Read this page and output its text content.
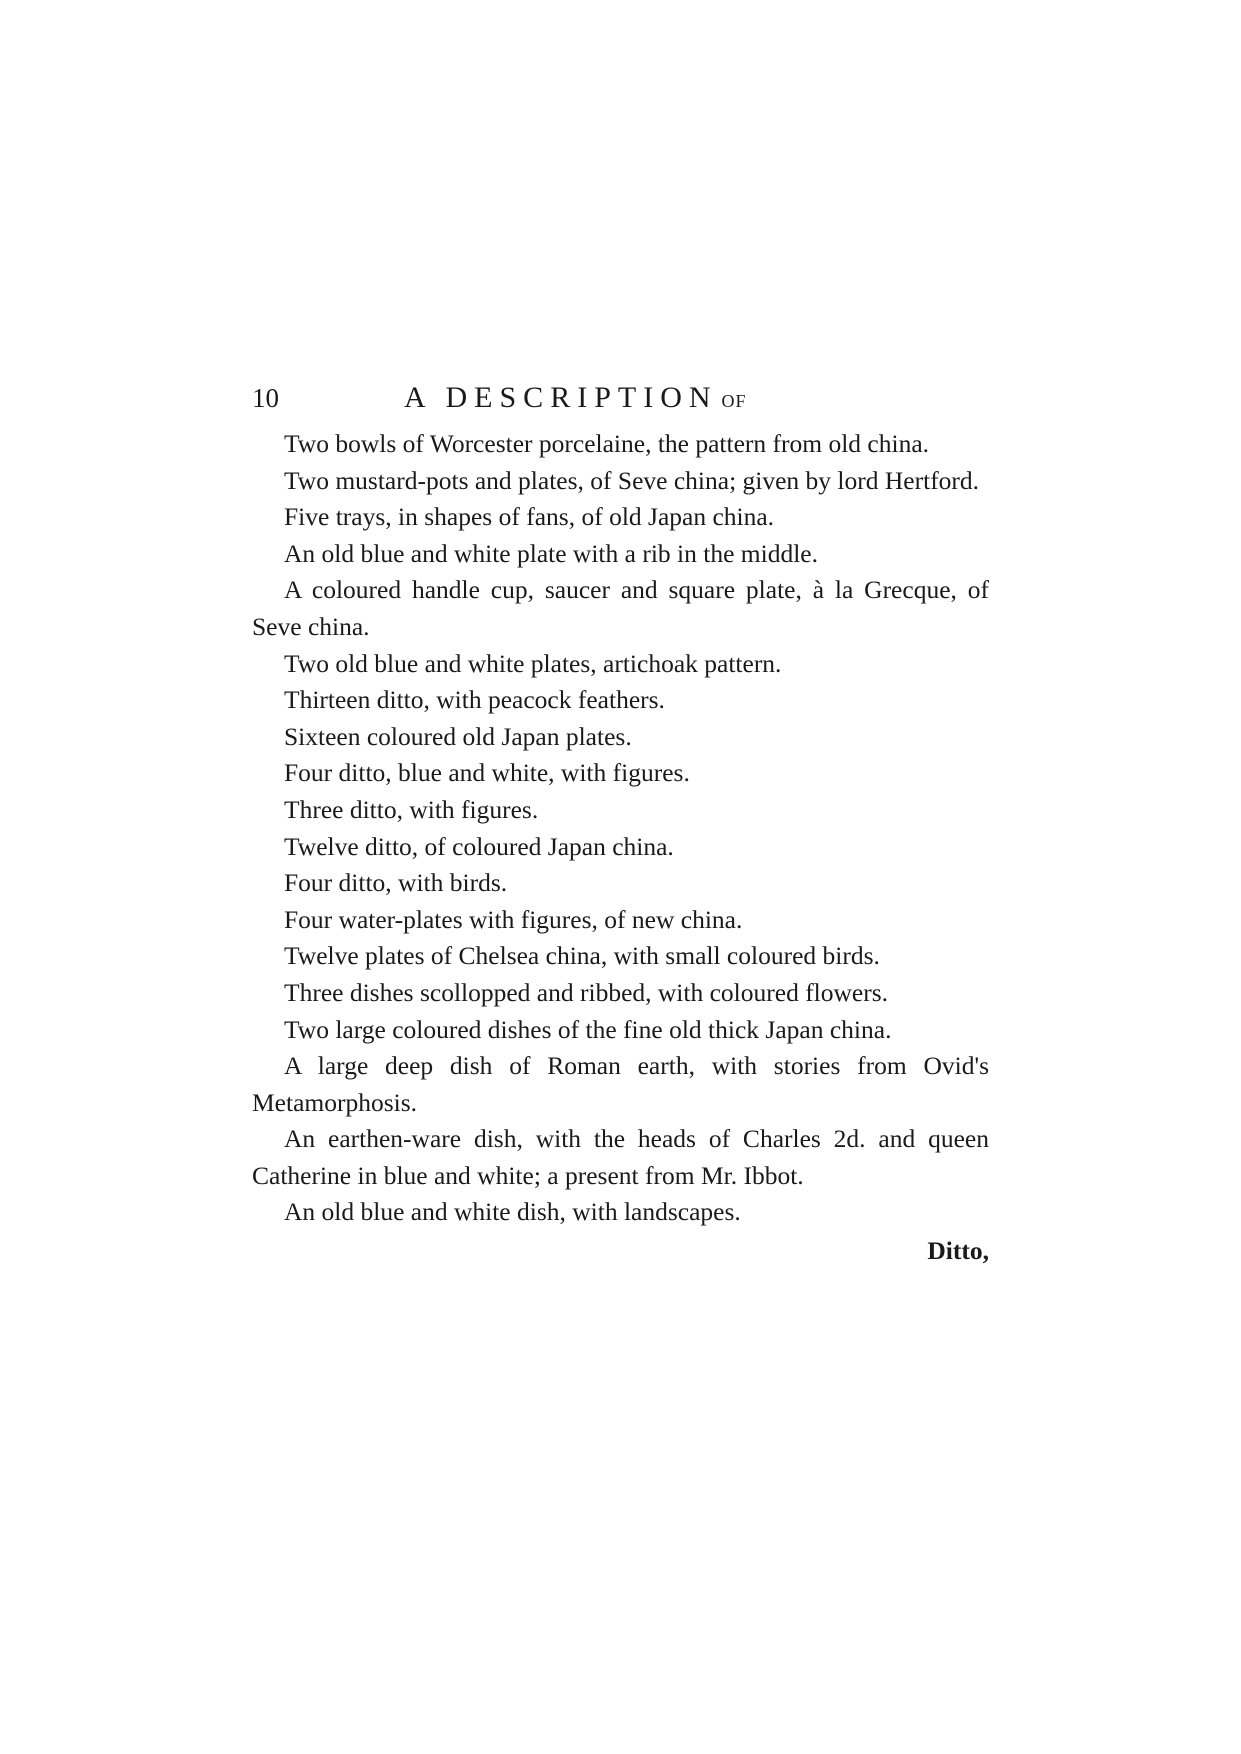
10	A DESCRIPTION OF

Two bowls of Worcester porcelaine, the pattern from old china.

Two mustard-pots and plates, of Seve china; given by lord Hertford.

Five trays, in shapes of fans, of old Japan china.

An old blue and white plate with a rib in the middle.

A coloured handle cup, saucer and square plate, à la Grecque, of Seve china.

Two old blue and white plates, artichoak pattern.

Thirteen ditto, with peacock feathers.

Sixteen coloured old Japan plates.

Four ditto, blue and white, with figures.

Three ditto, with figures.

Twelve ditto, of coloured Japan china.

Four ditto, with birds.

Four water-plates with figures, of new china.

Twelve plates of Chelsea china, with small coloured birds.

Three dishes scollopped and ribbed, with coloured flowers.

Two large coloured dishes of the fine old thick Japan china.

A large deep dish of Roman earth, with stories from Ovid's Metamorphosis.

An earthen-ware dish, with the heads of Charles 2d. and queen Catherine in blue and white; a present from Mr. Ibbot.

An old blue and white dish, with landscapes.

Ditto,
